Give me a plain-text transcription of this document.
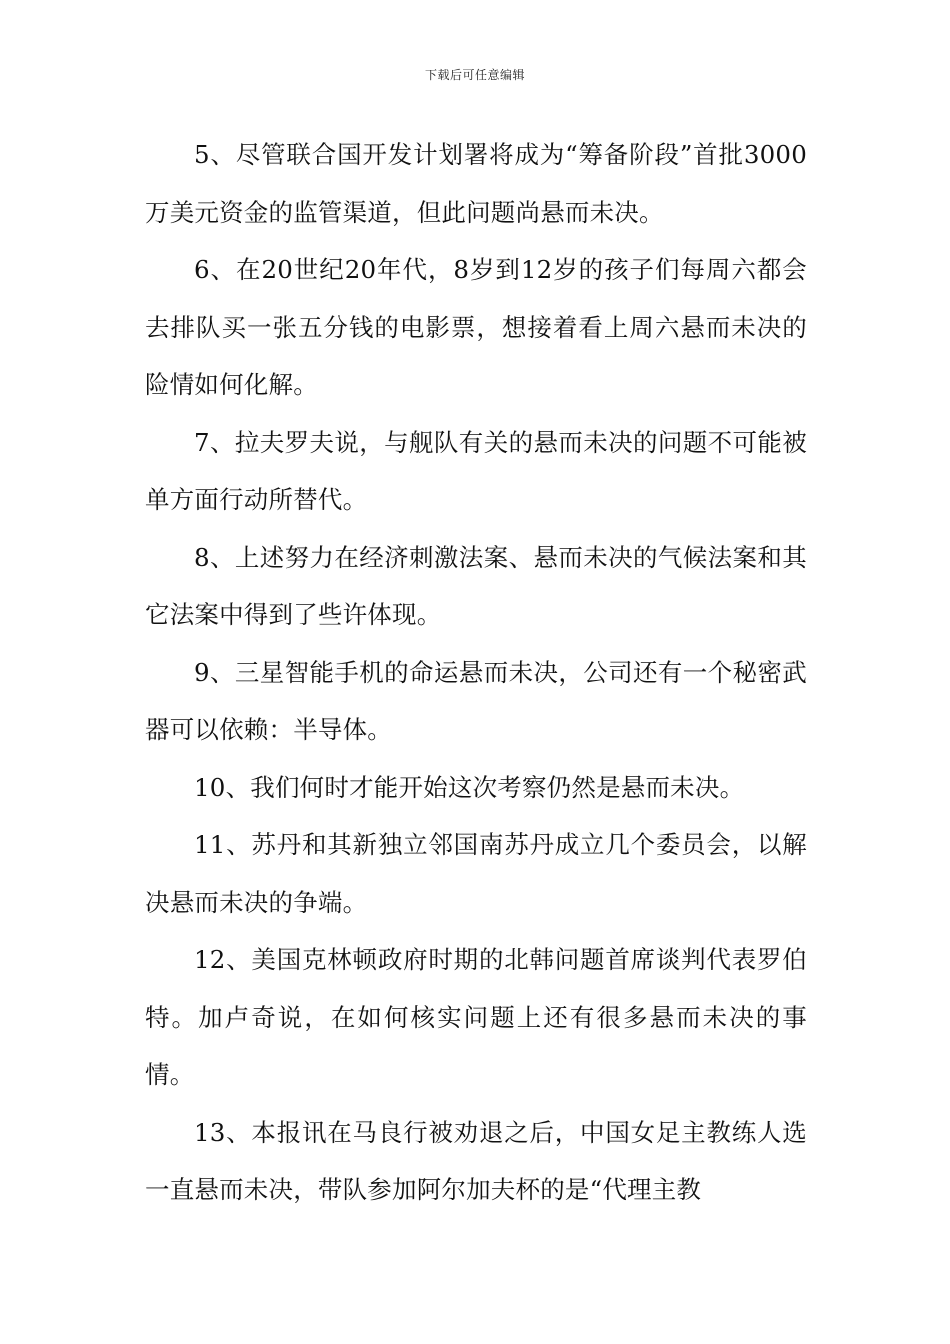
下载后可任意编辑

5、尽管联合国开发计划署将成为“筹备阶段”首批3000万美元资金的监管渠道，但此问题尚悬而未决。

6、在20世纪20年代，8岁到12岁的孩子们每周六都会去排队买一张五分钱的电影票，想接着看上周六悬而未决的险情如何化解。

7、拉夫罗夫说，与舰队有关的悬而未决的问题不可能被单方面行动所替代。

8、上述努力在经济刺激法案、悬而未决的气候法案和其它法案中得到了些许体现。

9、三星智能手机的命运悬而未决，公司还有一个秘密武器可以依赖：半导体。

10、我们何时才能开始这次考察仍然是悬而未决。

11、苏丹和其新独立邻国南苏丹成立几个委员会，以解决悬而未决的争端。

12、美国克林顿政府时期的北韩问题首席谈判代表罗伯特。加卢奇说，在如何核实问题上还有很多悬而未决的事情。

13、本报讯在马良行被劝退之后，中国女足主教练人选一直悬而未决，带队参加阿尔加夫杯的是“代理主教
